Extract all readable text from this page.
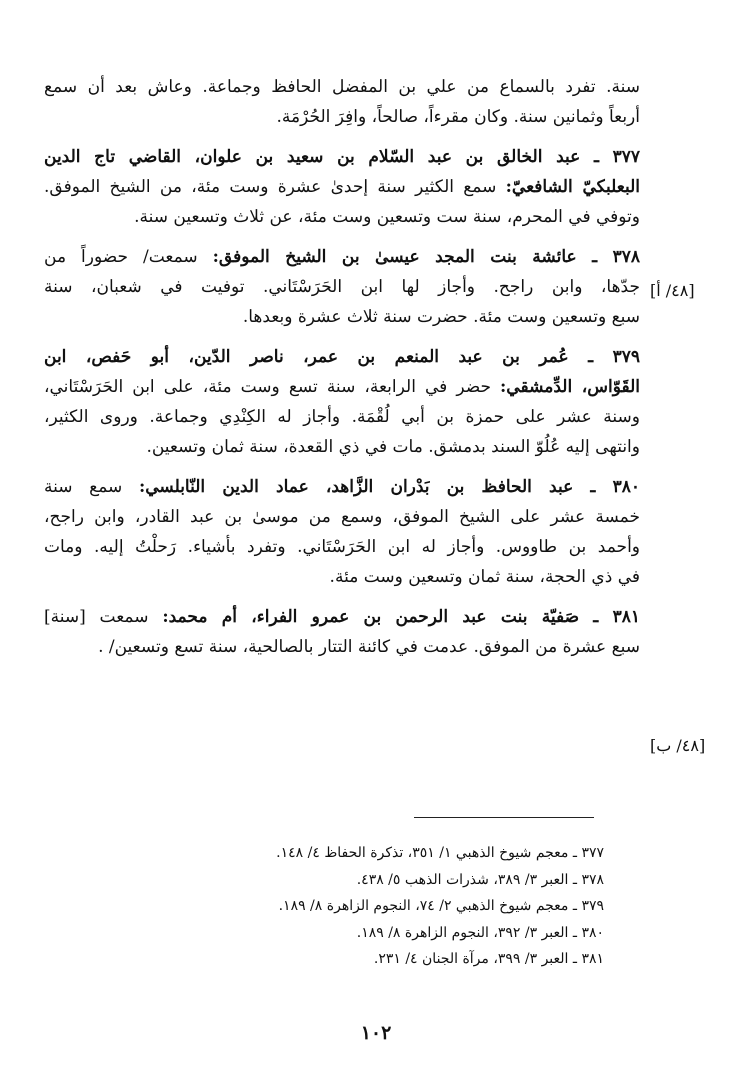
سنة. تفرد بالسماع من علي بن المفضل الحافظ وجماعة. وعاش بعد أن سمع
أربعاً وثمانين سنة. وكان مقرءاً، صالحاً، وافِرَ الحُرْمَة.
٣٧٧ ـ عبد الخالق بن عبد السّلام بن سعيد بن علوان، القاضي تاج الدين
البعلبكيّ الشافعيّ: سمع الكثير سنة إحدىٰ عشرة وست مئة، من الشيخ الموفق.
وتوفي في المحرم، سنة ست وتسعين وست مئة، عن ثلاث وتسعين سنة.
٣٧٨ ـ عائشة بنت المجد عيسىٰ بن الشيخ الموفق: سمعت/ حضوراً من
جدّها، وابن راجح. وأجاز لها ابن الحَرَسْتَاني. توفيت في شعبان، سنة
سبع وتسعين وست مئة. حضرت سنة ثلاث عشرة وبعدها.
٣٧٩ ـ عُمر بن عبد المنعم بن عمر، ناصر الدّين، أبو حَفص، ابن
القَوّاس، الدِّمشقي: حضر في الرابعة، سنة تسع وست مئة، على ابن الحَرَسْتَاني،
وسنة عشر على حمزة بن أبي لُقْمَة. وأجاز له الكِنْدِي وجماعة. وروى الكثير،
وانتهى إليه عُلُوّ السند بدمشق. مات في ذي القعدة، سنة ثمان وتسعين.
٣٨٠ ـ عبد الحافظ بن بَدْران الزَّاهد، عماد الدين النّابلسي: سمع سنة
خمسة عشر على الشيخ الموفق، وسمع من موسىٰ بن عبد القادر، وابن راجح،
وأحمد بن طاووس. وأجاز له ابن الحَرَسْتَاني. وتفرد بأشياء. رَحلْتُ إليه. ومات
في ذي الحجة، سنة ثمان وتسعين وست مئة.
٣٨١ ـ صَفيّة بنت عبد الرحمن بن عمرو الفراء، أم محمد: سمعت [سنة]
سبع عشرة من الموفق. عدمت في كائنة التتار بالصالحية، سنة تسع وتسعين/ .
[٤٨/ أ]
[٤٨/ ب]
٣٧٧ ـ معجم شيوخ الذهبي ١/ ٣٥١، تذكرة الحفاظ ٤/ ١٤٨.
٣٧٨ ـ العبر ٣/ ٣٨٩، شذرات الذهب ٥/ ٤٣٨.
٣٧٩ ـ معجم شيوخ الذهبي ٢/ ٧٤، النجوم الزاهرة ٨/ ١٨٩.
٣٨٠ ـ العبر ٣/ ٣٩٢، النجوم الزاهرة ٨/ ١٨٩.
٣٨١ ـ العبر ٣/ ٣٩٩، مرآة الجنان ٤/ ٢٣١.
١٠٢
